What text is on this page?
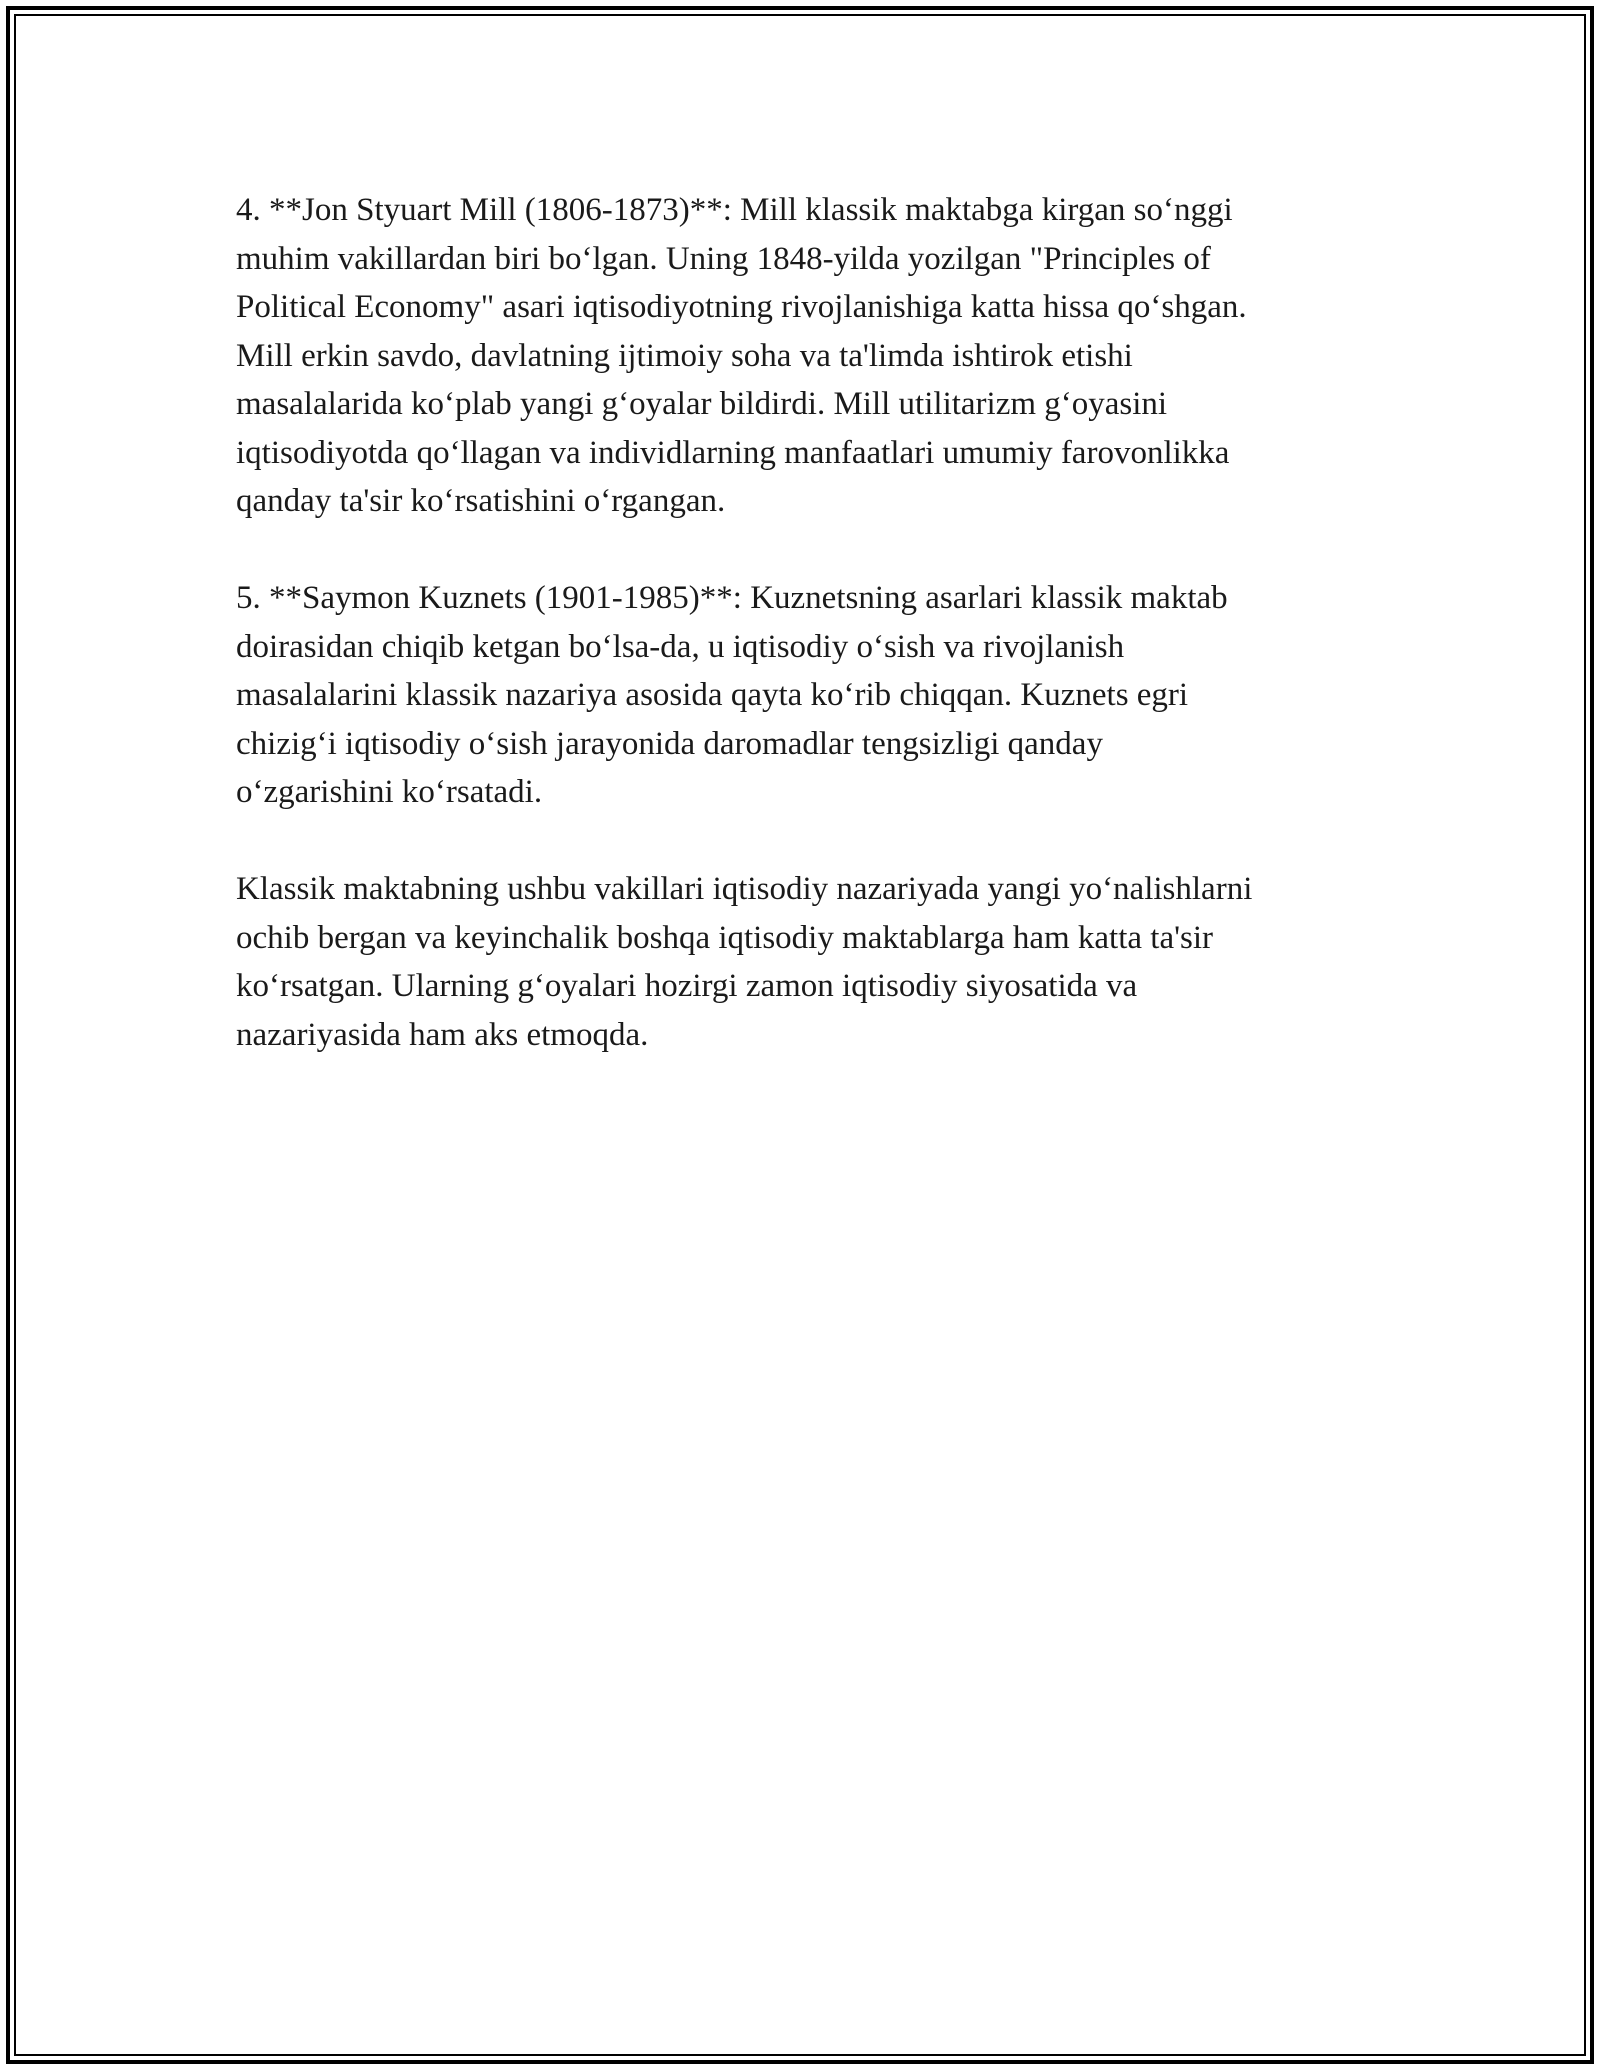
4. **Jon Styuart Mill (1806-1873)**: Mill klassik maktabga kirgan so‘nggi
muhim vakillardan biri bo‘lgan. Uning 1848-yilda yozilgan "Principles of
Political Economy" asari iqtisodiyotning rivojlanishiga katta hissa qo‘shgan.
Mill erkin savdo, davlatning ijtimoiy soha va ta'limda ishtirok etishi
masalalarida ko‘plab yangi g‘oyalar bildirdi. Mill utilitarizm g‘oyasini
iqtisodiyotda qo‘llagan va individlarning manfaatlari umumiy farovonlikka
qanday ta'sir ko‘rsatishini o‘rgangan.

5. **Saymon Kuznets (1901-1985)**: Kuznetsning asarlari klassik maktab
doirasidan chiqib ketgan bo‘lsa-da, u iqtisodiy o‘sish va rivojlanish
masalalarini klassik nazariya asosida qayta ko‘rib chiqqan. Kuznets egri
chizig‘i iqtisodiy o‘sish jarayonida daromadlar tengsizligi qanday
o‘zgarishini ko‘rsatadi.

Klassik maktabning ushbu vakillari iqtisodiy nazariyada yangi yo‘nalishlarni
ochib bergan va keyinchalik boshqa iqtisodiy maktablarga ham katta ta'sir
ko‘rsatgan. Ularning g‘oyalari hozirgi zamon iqtisodiy siyosatida va
nazariyasida ham aks etmoqda.
